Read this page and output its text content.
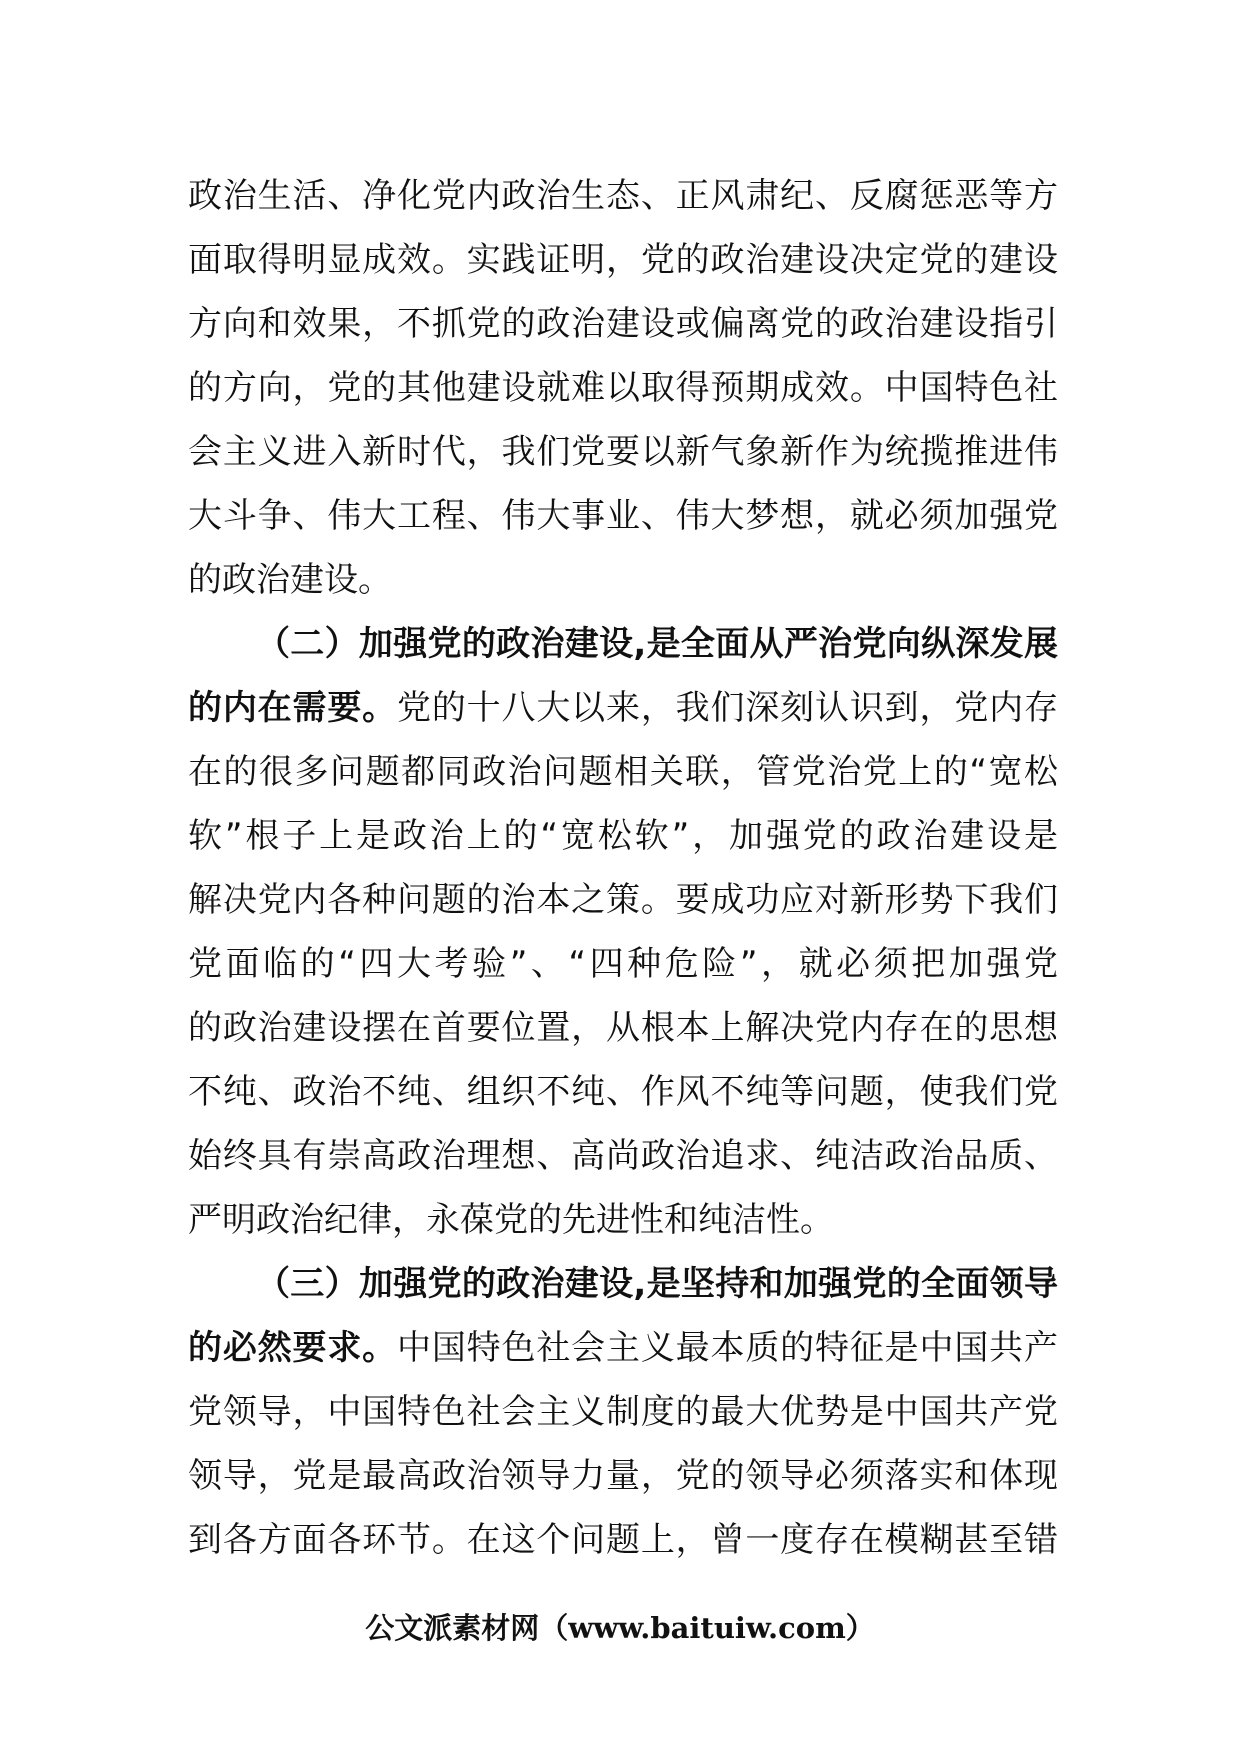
政治生活、净化党内政治生态、正风肃纪、反腐惩恶等方
面取得明显成效。实践证明，党的政治建设决定党的建设
方向和效果，不抓党的政治建设或偏离党的政治建设指引
的方向，党的其他建设就难以取得预期成效。中国特色社
会主义进入新时代，我们党要以新气象新作为统揽推进伟
大斗争、伟大工程、伟大事业、伟大梦想，就必须加强党
的政治建设。
（二）加强党的政治建设,是全面从严治党向纵深发展
的内在需要。党的十八大以来，我们深刻认识到，党内存
在的很多问题都同政治问题相关联，管党治党上的“宽松
软”根子上是政治上的“宽松软”，加强党的政治建设是
解决党内各种问题的治本之策。要成功应对新形势下我们
党面临的“四大考验”、“四种危险”，就必须把加强党
的政治建设摆在首要位置，从根本上解决党内存在的思想
不纯、政治不纯、组织不纯、作风不纯等问题，使我们党
始终具有崇高政治理想、高尚政治追求、纯洁政治品质、
严明政治纪律，永葆党的先进性和纯洁性。
（三）加强党的政治建设,是坚持和加强党的全面领导
的必然要求。中国特色社会主义最本质的特征是中国共产
党领导，中国特色社会主义制度的最大优势是中国共产党
领导，党是最高政治领导力量，党的领导必须落实和体现
到各方面各环节。在这个问题上，曾一度存在模糊甚至错
公文派素材网（www.baituiw.com）
